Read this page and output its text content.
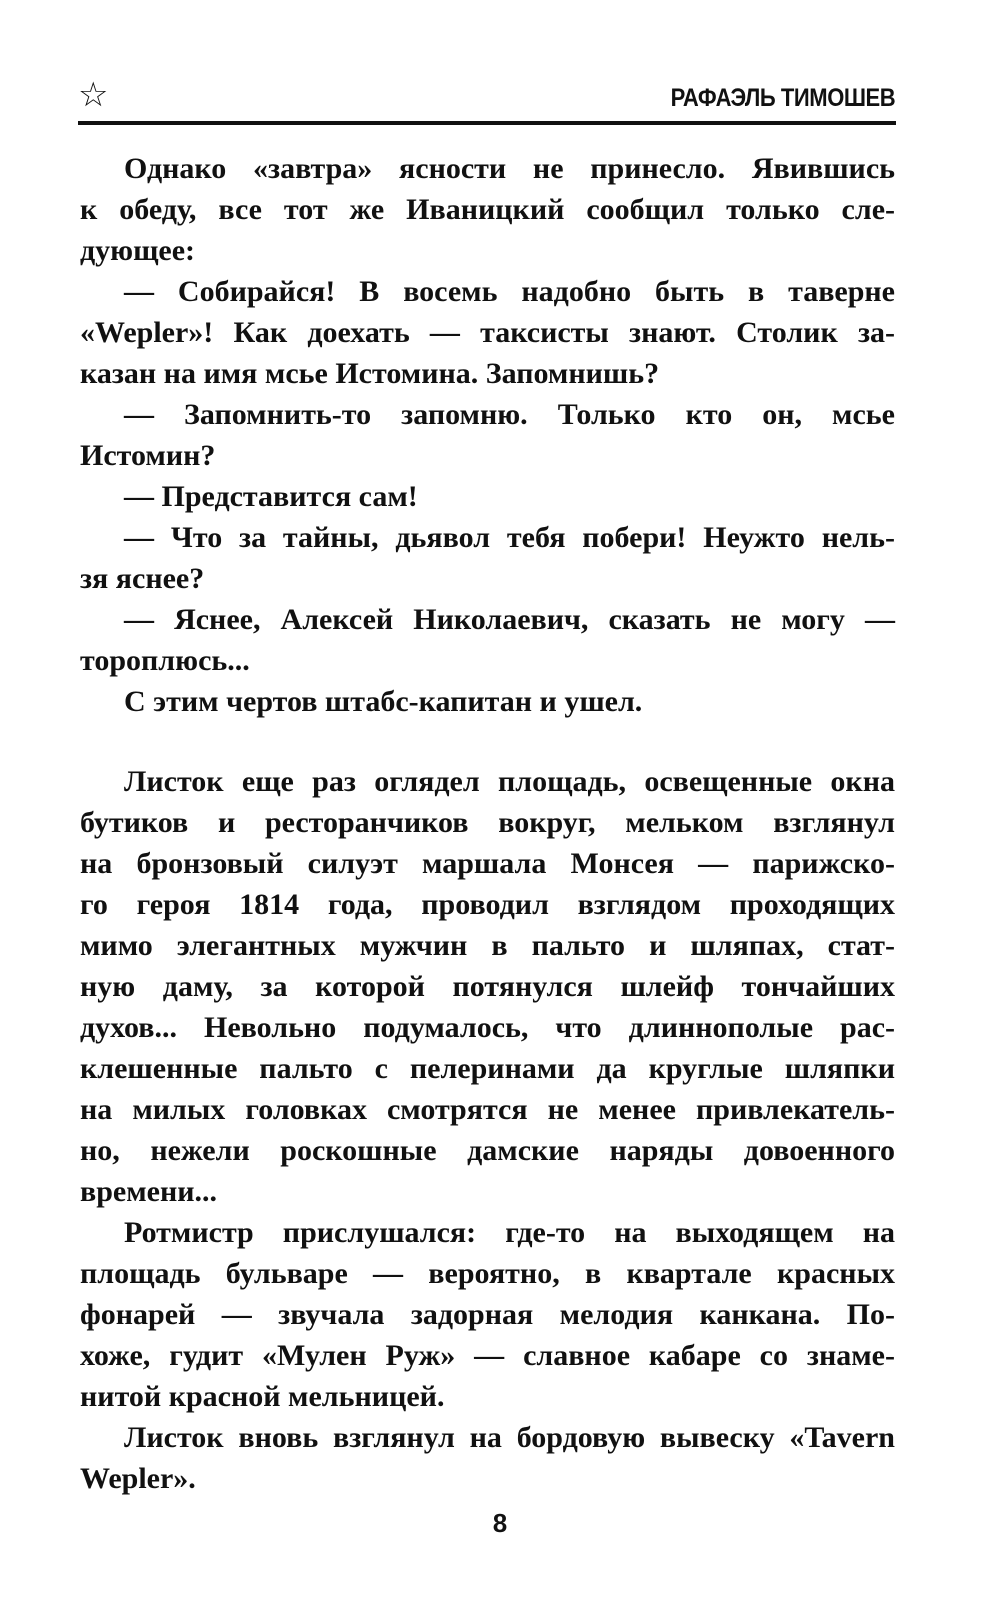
☆	РАФАЭЛЬ ТИМОШЕВ
Однако «завтра» ясности не принесло. Явившись
к обеду, все тот же Иваницкий сообщил только сле-
дующее:
— Собирайся! В восемь надобно быть в таверне
«Wepler»! Как доехать — таксисты знают. Столик за-
казан на имя мсье Истомина. Запомнишь?
— Запомнить-то запомню. Только кто он, мсье
Истомин?
— Представится сам!
— Что за тайны, дьявол тебя побери! Неужто нель-
зя яснее?
— Яснее, Алексей Николаевич, сказать не могу —
тороплюсь...
С этим чертов штабс-капитан и ушел.
Листок еще раз оглядел площадь, освещенные окна
бутиков и ресторанчиков вокруг, мельком взглянул
на бронзовый силуэт маршала Монсея — парижско-
го героя 1814 года, проводил взглядом проходящих
мимо элегантных мужчин в пальто и шляпах, стат-
ную даму, за которой потянулся шлейф тончайших
духов... Невольно подумалось, что длиннополые рас-
клешенные пальто с пелеринами да круглые шляпки
на милых головках смотрятся не менее привлекатель-
но, нежели роскошные дамские наряды довоенного
времени...
Ротмистр прислушался: где-то на выходящем на
площадь бульваре — вероятно, в квартале красных
фонарей — звучала задорная мелодия канкана. По-
хоже, гудит «Мулен Руж» — славное кабаре со знаме-
нитой красной мельницей.
Листок вновь взглянул на бордовую вывеску «Tavern
Wepler».
8
